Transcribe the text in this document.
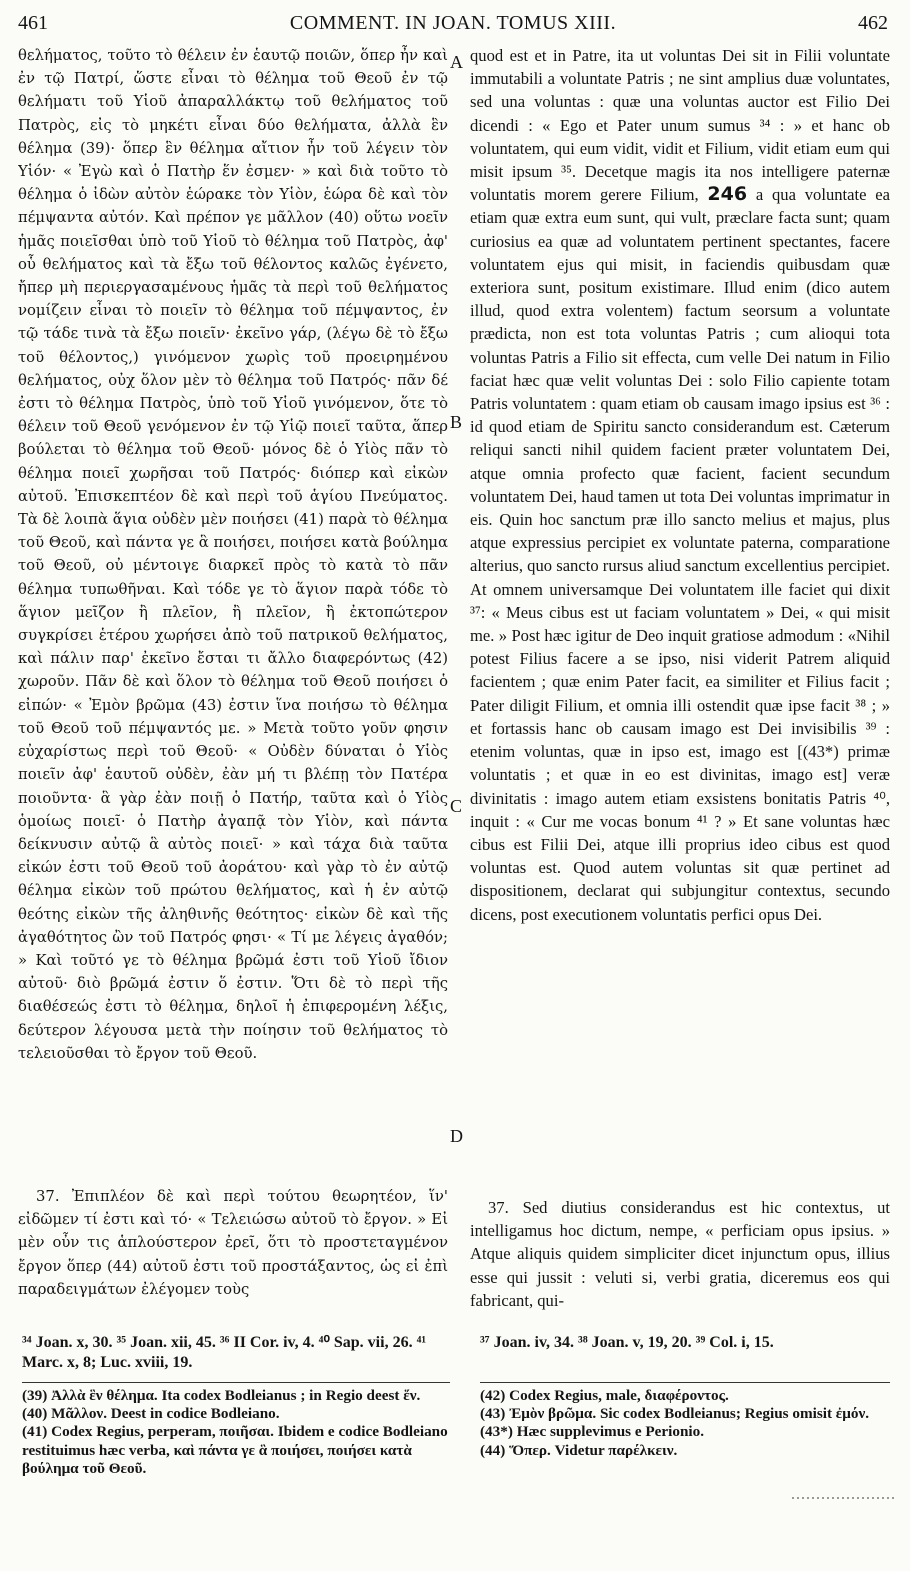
461	COMMENT. IN JOAN. TOMUS XIII.	462
A
B
C
D

θελήματος, τοῦτο τὸ θέλειν ἐν ἑαυτῷ ποιῶν, ὅπερ ἦν καὶ ἐν τῷ Πατρί, ὥστε εἶναι τὸ θέλημα τοῦ Θεοῦ ἐν τῷ θελήματι τοῦ Υἱοῦ ἀπαραλλάκτῳ τοῦ θελήματος τοῦ Πατρὸς, εἰς τὸ μηκέτι εἶναι δύο θελήματα, ἀλλὰ ἓν θέλημα (39)· ὅπερ ἓν θέλημα αἴτιον ἦν τοῦ λέγειν τὸν Υἱόν· « Ἐγὼ καὶ ὁ Πατὴρ ἕν ἐσμεν· » καὶ διὰ τοῦτο τὸ θέλημα ὁ ἰδὼν αὐτὸν ἑώρακε τὸν Υἱὸν, ἑώρα δὲ καὶ τὸν πέμψαντα αὐτόν. Καὶ πρέπον γε μᾶλλον (40) οὕτω νοεῖν ἡμᾶς ποιεῖσθαι ὑπὸ τοῦ Υἱοῦ τὸ θέλημα τοῦ Πατρὸς, ἀφ' οὗ θελήματος καὶ τὰ ἔξω τοῦ θέλοντος καλῶς ἐγένετο, ἤπερ μὴ περιεργασαμένους ἡμᾶς τὰ περὶ τοῦ θελήματος νομίζειν εἶναι τὸ ποιεῖν τὸ θέλημα τοῦ πέμψαντος, ἐν τῷ τάδε τινὰ τὰ ἔξω ποιεῖν· ἐκεῖνο γάρ, (λέγω δὲ τὸ ἔξω τοῦ θέλοντος,) γινόμενον χωρὶς τοῦ προειρημένου θελήματος, οὐχ ὅλον μὲν τὸ θέλημα τοῦ Πατρός· πᾶν δέ ἐστι τὸ θέλημα Πατρὸς, ὑπὸ τοῦ Υἱοῦ γινόμενον, ὅτε τὸ θέλειν τοῦ Θεοῦ γενόμενον ἐν τῷ Υἱῷ ποιεῖ ταῦτα, ἅπερ βούλεται τὸ θέλημα τοῦ Θεοῦ· μόνος δὲ ὁ Υἱὸς πᾶν τὸ θέλημα ποιεῖ χωρῆσαι τοῦ Πατρός· διόπερ καὶ εἰκὼν αὐτοῦ. Ἐπισκεπτέον δὲ καὶ περὶ τοῦ ἁγίου Πνεύματος. Τὰ δὲ λοιπὰ ἅγια οὐδὲν μὲν ποιήσει (41) παρὰ τὸ θέλημα τοῦ Θεοῦ, καὶ πάντα γε ἃ ποιήσει, ποιήσει κατὰ βούλημα τοῦ Θεοῦ, οὐ μέντοιγε διαρκεῖ πρὸς τὸ κατὰ τὸ πᾶν θέλημα τυπωθῆναι. Καὶ τόδε γε τὸ ἅγιον παρὰ τόδε τὸ ἅγιον μεῖζον ἢ πλεῖον, ἢ πλεῖον, ἢ ἐκτοπώτερον συγκρίσει ἑτέρου χωρήσει ἀπὸ τοῦ πατρικοῦ θελήματος, καὶ πάλιν παρ' ἐκεῖνο ἔσται τι ἄλλο διαφερόντως (42) χωροῦν. Πᾶν δὲ καὶ ὅλον τὸ θέλημα τοῦ Θεοῦ ποιήσει ὁ εἰπών· « Ἐμὸν βρῶμα (43) ἐστιν ἵνα ποιήσω τὸ θέλημα τοῦ Θεοῦ τοῦ πέμψαντός με. » Μετὰ τοῦτο γοῦν φησιν εὐχαρίστως περὶ τοῦ Θεοῦ· « Οὐδὲν δύναται ὁ Υἱὸς ποιεῖν ἀφ' ἑαυτοῦ οὐδὲν, ἐὰν μή τι βλέπῃ τὸν Πατέρα ποιοῦντα· ἃ γὰρ ἐὰν ποιῇ ὁ Πατήρ, ταῦτα καὶ ὁ Υἱὸς ὁμοίως ποιεῖ· ὁ Πατὴρ ἀγαπᾷ τὸν Υἱὸν, καὶ πάντα δείκνυσιν αὐτῷ ἃ αὐτὸς ποιεῖ· » καὶ τάχα διὰ ταῦτα εἰκών ἐστι τοῦ Θεοῦ τοῦ ἀοράτου· καὶ γὰρ τὸ ἐν αὐτῷ θέλημα εἰκὼν τοῦ πρώτου θελήματος, καὶ ἡ ἐν αὐτῷ θεότης εἰκὼν τῆς ἀληθινῆς θεότητος· εἰκὼν δὲ καὶ τῆς ἀγαθότητος ὢν τοῦ Πατρός φησι· « Τί με λέγεις ἀγαθόν; » Καὶ τοῦτό γε τὸ θέλημα βρῶμά ἐστι τοῦ Υἱοῦ ἴδιον αὐτοῦ· διὸ βρῶμά ἐστιν ὅ ἐστιν. Ὅτι δὲ τὸ περὶ τῆς διαθέσεώς ἐστι τὸ θέλημα, δηλοῖ ἡ ἐπιφερομένη λέξις, δεύτερον λέγουσα μετὰ τὴν ποίησιν τοῦ θελήματος τὸ τελειοῦσθαι τὸ ἔργον τοῦ Θεοῦ.

37. Ἐπιπλέον δὲ καὶ περὶ τούτου θεωρητέον, ἵν' εἰδῶμεν τί ἐστι καὶ τό· « Τελειώσω αὐτοῦ τὸ ἔργον. » Εἰ μὲν οὖν τις ἁπλούστερον ἐρεῖ, ὅτι τὸ προστεταγμένον ἔργον ὅπερ (44) αὐτοῦ ἐστι τοῦ προστάξαντος, ὡς εἰ ἐπὶ παραδειγμάτων ἐλέγομεν τοὺς

quod est et in Patre, ita ut voluntas Dei sit in Filii voluntate immutabili a voluntate Patris ; ne sint amplius duæ voluntates, sed una voluntas : quæ una voluntas auctor est Filio Dei dicendi : « Ego et Pater unum sumus ³⁴ : » et hanc ob voluntatem, qui eum vidit, vidit et Filium, vidit etiam eum qui misit ipsum ³⁵. Decetque magis ita nos intelligere paternæ voluntatis morem gerere Filium, 246 a qua voluntate ea etiam quæ extra eum sunt, qui vult, præclare facta sunt; quam curiosius ea quæ ad voluntatem pertinent spectantes, facere voluntatem ejus qui misit, in faciendis quibusdam quæ exteriora sunt, positum existimare. Illud enim (dico autem illud, quod extra volentem) factum seorsum a voluntate prædicta, non est tota voluntas Patris ; cum alioqui tota voluntas Patris a Filio sit effecta, cum velle Dei natum in Filio faciat hæc quæ velit voluntas Dei : solo Filio capiente totam Patris voluntatem : quam etiam ob causam imago ipsius est ³⁶ : id quod etiam de Spiritu sancto considerandum est. Cæterum reliqui sancti nihil quidem facient præter voluntatem Dei, atque omnia profecto quæ facient, facient secundum voluntatem Dei, haud tamen ut tota Dei voluntas imprimatur in eis. Quin hoc sanctum præ illo sancto melius et majus, plus atque expressius percipiet ex voluntate paterna, comparatione alterius, quo sancto rursus aliud sanctum excellentius percipiet. At omnem universamque Dei voluntatem ille faciet qui dixit ³⁷: « Meus cibus est ut faciam voluntatem » Dei, « qui misit me. » Post hæc igitur de Deo inquit gratiose admodum : «Nihil potest Filius facere a se ipso, nisi viderit Patrem aliquid facientem ; quæ enim Pater facit, ea similiter et Filius facit ; Pater diligit Filium, et omnia illi ostendit quæ ipse facit ³⁸ ; » et fortassis hanc ob causam imago est Dei invisibilis ³⁹ : etenim voluntas, quæ in ipso est, imago est [(43*) primæ voluntatis ; et quæ in eo est divinitas, imago est] veræ divinitatis : imago autem etiam exsistens bonitatis Patris ⁴⁰, inquit : « Cur me vocas bonum ⁴¹ ? » Et sane voluntas hæc cibus est Filii Dei, atque illi proprius ideo cibus est quod voluntas est. Quod autem voluntas sit quæ pertinet ad dispositionem, declarat qui subjungitur contextus, secundo dicens, post executionem voluntatis perfici opus Dei.

37. Sed diutius considerandus est hic contextus, ut intelligamus hoc dictum, nempe, « perficiam opus ipsius. » Atque aliquis quidem simpliciter dicet injunctum opus, illius esse qui jussit : veluti si, verbi gratia, diceremus eos qui fabricant, qui-

³⁴ Joan. x, 30. ³⁵ Joan. xii, 45. ³⁶ II Cor. iv, 4. ⁴⁰ Sap. vii, 26. ⁴¹ Marc. x, 8; Luc. xviii, 19.
³⁷ Joan. iv, 34. ³⁸ Joan. v, 19, 20. ³⁹ Col. i, 15.

(39) Ἀλλὰ ἓν θέλημα. Ita codex Bodleianus ; in Regio deest ἕν.

(40) Μᾶλλον. Deest in codice Bodleiano.

(41) Codex Regius, perperam, ποιῆσαι. Ibidem e codice Bodleiano restituimus hæc verba, καὶ πάντα γε ἃ ποιήσει, ποιήσει κατὰ βούλημα τοῦ Θεοῦ.

(42) Codex Regius, male, διαφέροντος.

(43) Ἐμὸν βρῶμα. Sic codex Bodleianus; Regius omisit ἐμόν.

(43*) Hæc supplevimus e Perionio.

(44) Ὅπερ. Videtur παρέλκειν.
